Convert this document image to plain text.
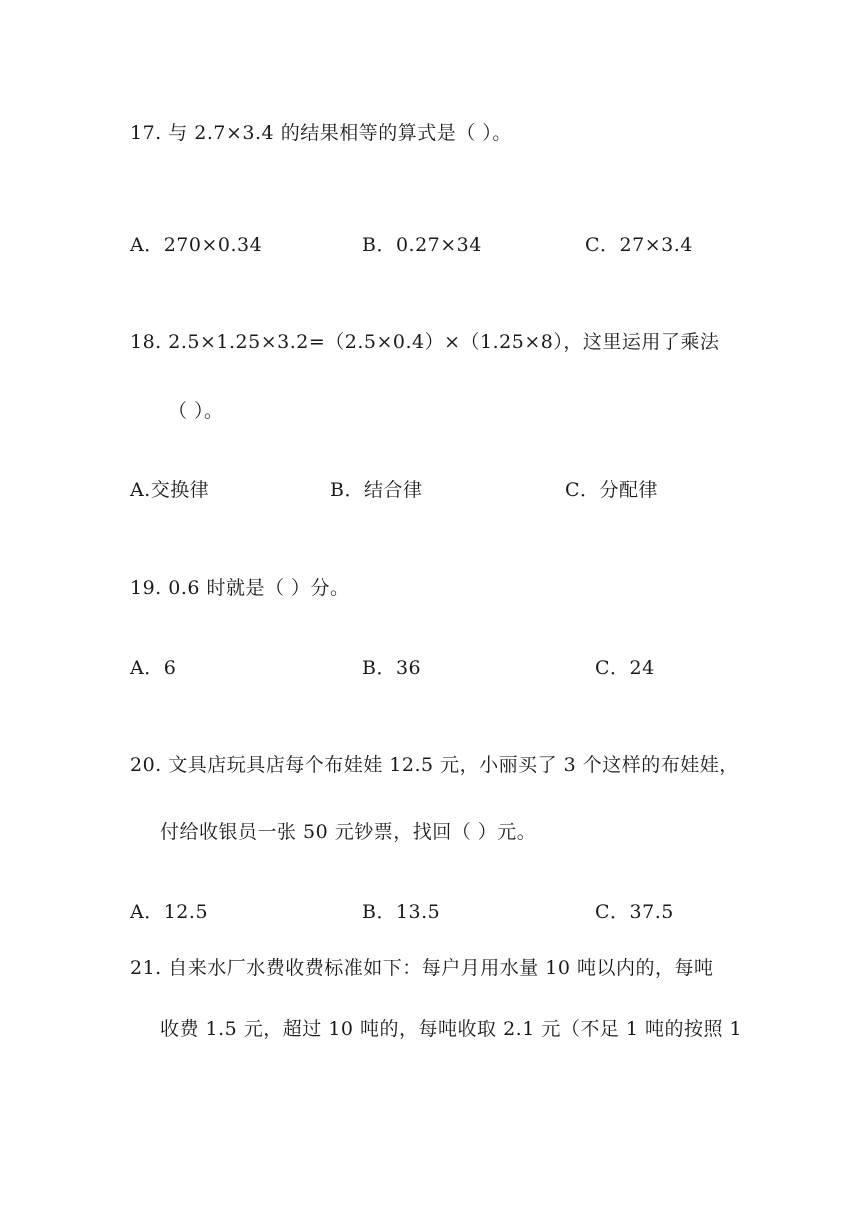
17. 与 2.7×3.4 的结果相等的算式是（ ）。
A．270×0.34	B．0.27×34	C．27×3.4
18. 2.5×1.25×3.2=（2.5×0.4）×（1.25×8），这里运用了乘法
（ ）。
A.交换律	B．结合律	C．分配律
19. 0.6 时就是（ ）分。
A．6	B．36	C．24
20. 文具店玩具店每个布娃娃 12.5 元，小丽买了 3 个这样的布娃娃，
付给收银员一张 50 元钞票，找回（ ）元。
A．12.5	B．13.5	C．37.5
21. 自来水厂水费收费标准如下：每户月用水量 10 吨以内的，每吨
收费 1.5 元，超过 10 吨的，每吨收取 2.1 元（不足 1 吨的按照 1
